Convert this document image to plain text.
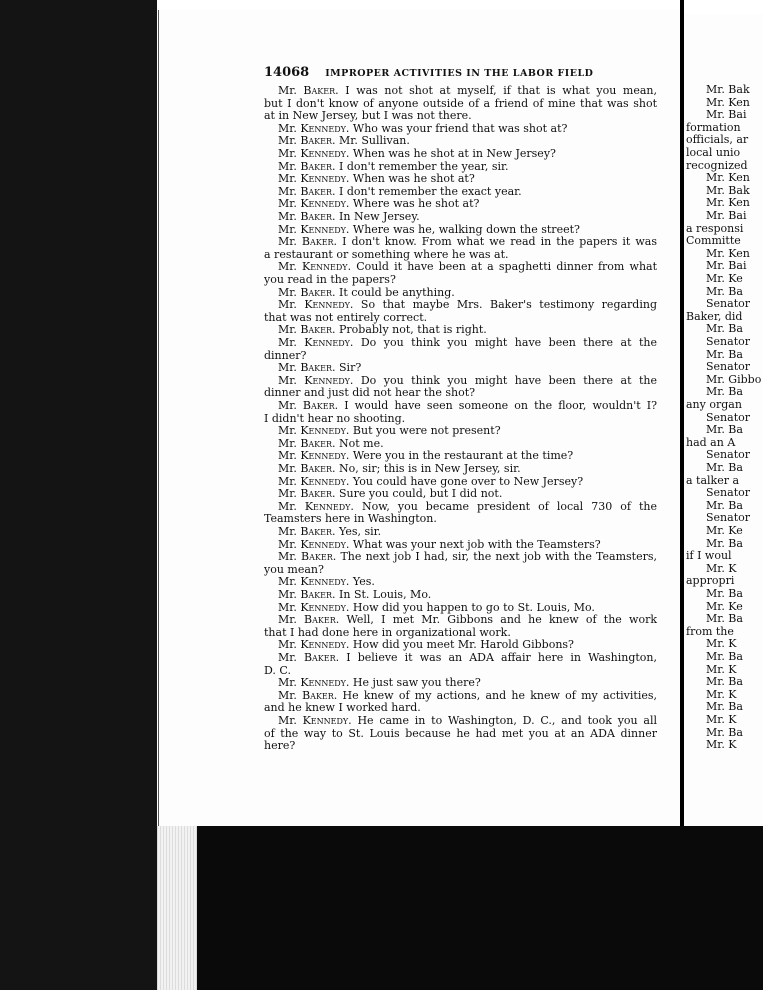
14068 IMPROPER ACTIVITIES IN THE LABOR FIELD
Mr. Baker. I was not shot at myself, if that is what you mean,
but I don't know of anyone outside of a friend of mine that was shot
at in New Jersey, but I was not there.
Mr. Kennedy. Who was your friend that was shot at?
Mr. Baker. Mr. Sullivan.
Mr. Kennedy. When was he shot at in New Jersey?
Mr. Baker. I don't remember the year, sir.
Mr. Kennedy. When was he shot at?
Mr. Baker. I don't remember the exact year.
Mr. Kennedy. Where was he shot at?
Mr. Baker. In New Jersey.
Mr. Kennedy. Where was he, walking down the street?
Mr. Baker. I don't know. From what we read in the papers it was
a restaurant or something where he was at.
Mr. Kennedy. Could it have been at a spaghetti dinner from what
you read in the papers?
Mr. Baker. It could be anything.
Mr. Kennedy. So that maybe Mrs. Baker's testimony regarding
that was not entirely correct.
Mr. Baker. Probably not, that is right.
Mr. Kennedy. Do you think you might have been there at the
dinner?
Mr. Baker. Sir?
Mr. Kennedy. Do you think you might have been there at the
dinner and just did not hear the shot?
Mr. Baker. I would have seen someone on the floor, wouldn't I?
I didn't hear no shooting.
Mr. Kennedy. But you were not present?
Mr. Baker. Not me.
Mr. Kennedy. Were you in the restaurant at the time?
Mr. Baker. No, sir; this is in New Jersey, sir.
Mr. Kennedy. You could have gone over to New Jersey?
Mr. Baker. Sure you could, but I did not.
Mr. Kennedy. Now, you became president of local 730 of the
Teamsters here in Washington.
Mr. Baker. Yes, sir.
Mr. Kennedy. What was your next job with the Teamsters?
Mr. Baker. The next job I had, sir, the next job with the Teamsters,
you mean?
Mr. Kennedy. Yes.
Mr. Baker. In St. Louis, Mo.
Mr. Kennedy. How did you happen to go to St. Louis, Mo.
Mr. Baker. Well, I met Mr. Gibbons and he knew of the work
that I had done here in organizational work.
Mr. Kennedy. How did you meet Mr. Harold Gibbons?
Mr. Baker. I believe it was an ADA affair here in Washington,
D. C.
Mr. Kennedy. He just saw you there?
Mr. Baker. He knew of my actions, and he knew of my activities,
and he knew I worked hard.
Mr. Kennedy. He came in to Washington, D. C., and took you all
of the way to St. Louis because he had met you at an ADA dinner
here?
Mr. Bak
Mr. Ken
Mr. Bai
formation
officials, ar
local unio
recognized
Mr. Ken
Mr. Bak
Mr. Ken
Mr. Bai
a responsi
Committe
Mr. Ken
Mr. Bai
Mr. Ke
Mr. Ba
Senator
Baker, did
Mr. Ba
Senator
Mr. Ba
Senator
Mr. Gibbo
Mr. Ba
any organ
Senator
Mr. Ba
had an A
Senator
Mr. Ba
a talker a
Senator
Mr. Ba
Senator
Mr. Ke
Mr. Ba
if I woul
Mr. K
appropri
Mr. Ba
Mr. Ke
Mr. Ba
from the
Mr. K
Mr. Ba
Mr. K
Mr. Ba
Mr. K
Mr. Ba
Mr. K
Mr. Ba
Mr. K
